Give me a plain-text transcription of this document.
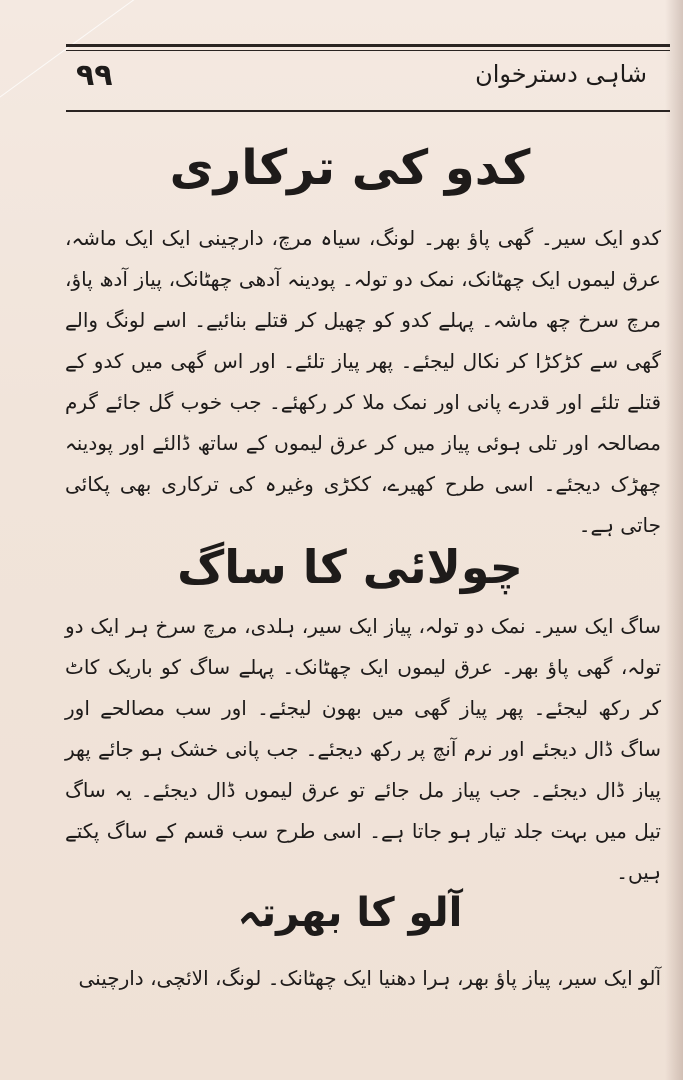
۹۹	شاہی دسترخوان
کدو کی ترکاری

کدو ایک سیر۔ گھی پاؤ بھر۔ لونگ، سیاہ مرچ، دارچینی ایک ایک ماشہ، عرق لیموں ایک چھٹانک، نمک دو تولہ۔ پودینہ آدھی چھٹانک، پیاز آدھ پاؤ، مرچ سرخ چھ ماشہ۔ پہلے کدو کو چھیل کر قتلے بنائیے۔ اسے لونگ والے گھی سے کڑکڑا کر نکال لیجئے۔ پھر پیاز تلئے۔ اور اس گھی میں کدو کے قتلے تلئے اور قدرے پانی اور نمک ملا کر رکھئے۔ جب خوب گل جائے گرم مصالحہ اور تلی ہوئی پیاز میں کر عرق لیموں کے ساتھ ڈالئے اور پودینہ چھڑک دیجئے۔ اسی طرح کھیرے، ککڑی وغیرہ کی ترکاری بھی پکائی جاتی ہے۔

چولائی کا ساگ

ساگ ایک سیر۔ نمک دو تولہ، پیاز ایک سیر، ہلدی، مرچ سرخ ہر ایک دو تولہ، گھی پاؤ بھر۔ عرق لیموں ایک چھٹانک۔ پہلے ساگ کو باریک کاٹ کر رکھ لیجئے۔ پھر پیاز گھی میں بھون لیجئے۔ اور سب مصالحے اور ساگ ڈال دیجئے اور نرم آنچ پر رکھ دیجئے۔ جب پانی خشک ہو جائے پھر پیاز ڈال دیجئے۔ جب پیاز مل جائے تو عرق لیموں ڈال دیجئے۔ یہ ساگ تیل میں بہت جلد تیار ہو جاتا ہے۔ اسی طرح سب قسم کے ساگ پکتے ہیں۔

آلو کا بھرتہ

آلو ایک سیر، پیاز پاؤ بھر، ہرا دھنیا ایک چھٹانک۔ لونگ، الائچی، دارچینی
